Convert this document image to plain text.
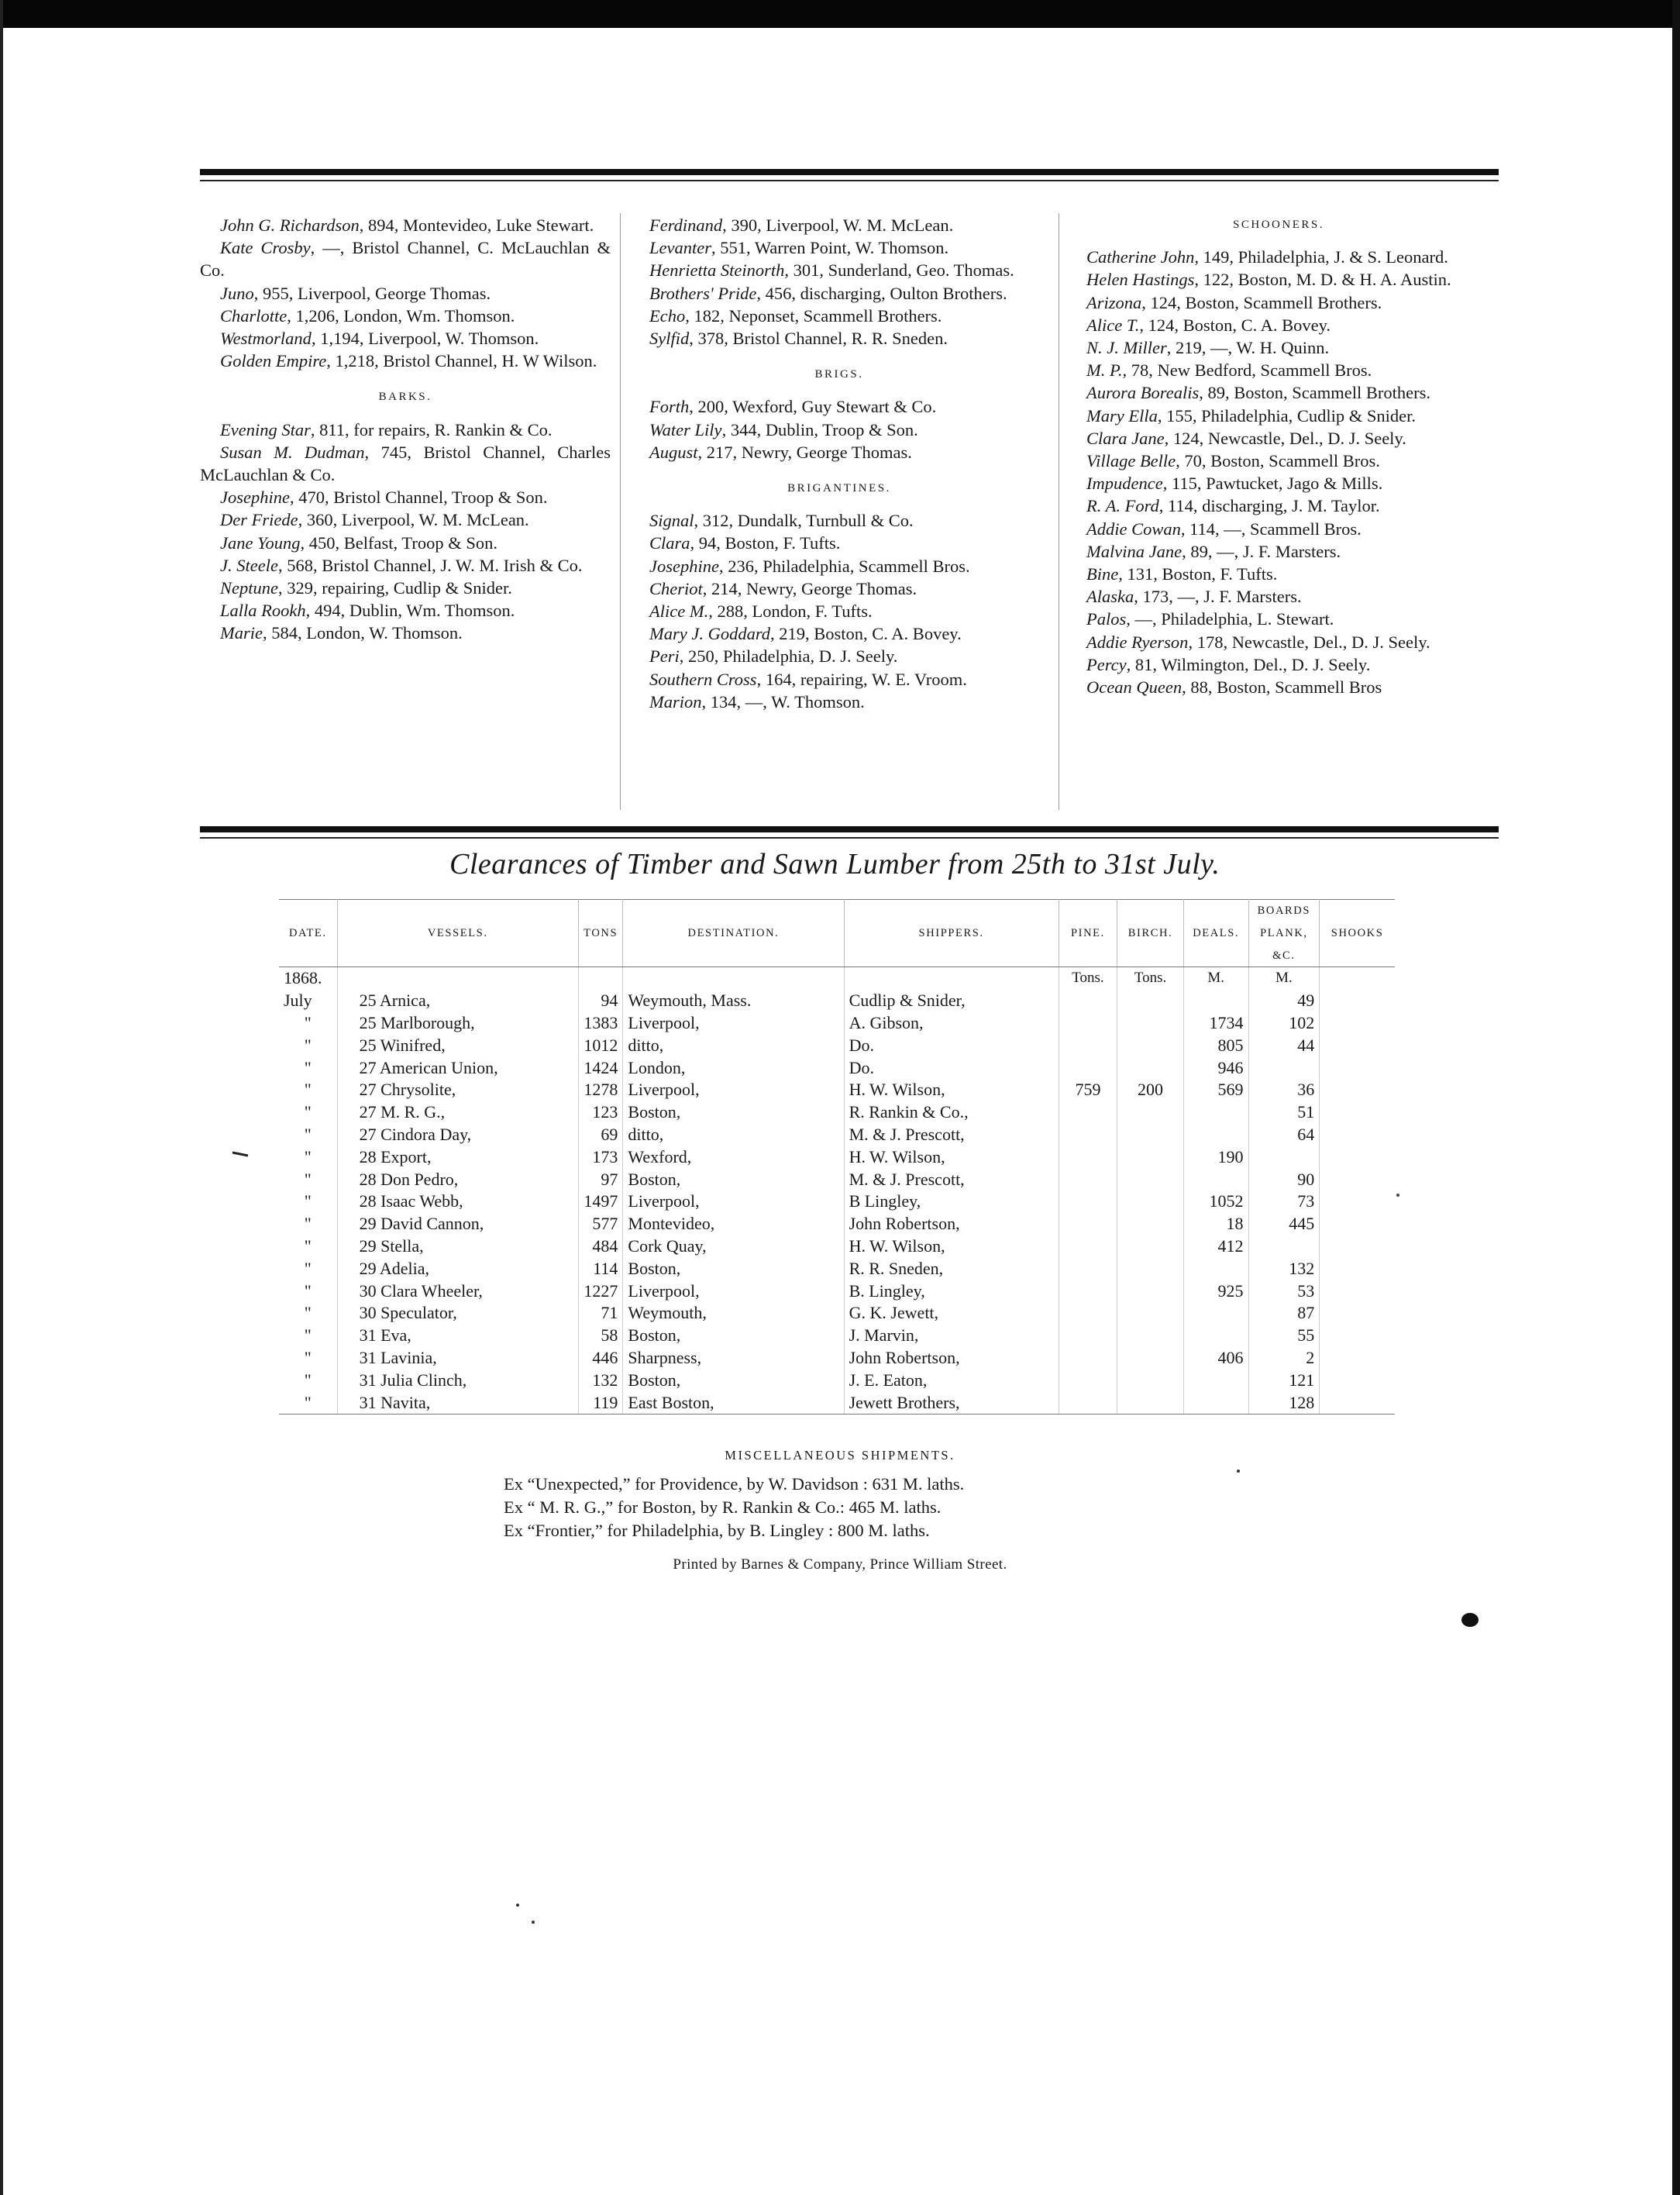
John G. Richardson, 894, Montevideo, Luke Stewart.

Kate Crosby, —, Bristol Channel, C. McLauchlan & Co.

Juno, 955, Liverpool, George Thomas.

Charlotte, 1,206, London, Wm. Thomson.

Westmorland, 1,194, Liverpool, W. Thomson.

Golden Empire, 1,218, Bristol Channel, H. W Wilson.

BARKS.

Evening Star, 811, for repairs, R. Rankin & Co.

Susan M. Dudman, 745, Bristol Channel, Charles McLauchlan & Co.

Josephine, 470, Bristol Channel, Troop & Son.

Der Friede, 360, Liverpool, W. M. McLean.

Jane Young, 450, Belfast, Troop & Son.

J. Steele, 568, Bristol Channel, J. W. M. Irish & Co.

Neptune, 329, repairing, Cudlip & Snider.

Lalla Rookh, 494, Dublin, Wm. Thomson.

Marie, 584, London, W. Thomson.

Ferdinand, 390, Liverpool, W. M. McLean.

Levanter, 551, Warren Point, W. Thomson.

Henrietta Steinorth, 301, Sunderland, Geo. Thomas.

Brothers' Pride, 456, discharging, Oulton Brothers.

Echo, 182, Neponset, Scammell Brothers.

Sylfid, 378, Bristol Channel, R. R. Sneden.

BRIGS.

Forth, 200, Wexford, Guy Stewart & Co.

Water Lily, 344, Dublin, Troop & Son.

August, 217, Newry, George Thomas.

BRIGANTINES.

Signal, 312, Dundalk, Turnbull & Co.

Clara, 94, Boston, F. Tufts.

Josephine, 236, Philadelphia, Scammell Bros.

Cheriot, 214, Newry, George Thomas.

Alice M., 288, London, F. Tufts.

Mary J. Goddard, 219, Boston, C. A. Bovey.

Peri, 250, Philadelphia, D. J. Seely.

Southern Cross, 164, repairing, W. E. Vroom.

Marion, 134, —, W. Thomson.

SCHOONERS.

Catherine John, 149, Philadelphia, J. & S. Leonard.

Helen Hastings, 122, Boston, M. D. & H. A. Austin.

Arizona, 124, Boston, Scammell Brothers.

Alice T., 124, Boston, C. A. Bovey.

N. J. Miller, 219, —, W. H. Quinn.

M. P., 78, New Bedford, Scammell Bros.

Aurora Borealis, 89, Boston, Scammell Brothers.

Mary Ella, 155, Philadelphia, Cudlip & Snider.

Clara Jane, 124, Newcastle, Del., D. J. Seely.

Village Belle, 70, Boston, Scammell Bros.

Impudence, 115, Pawtucket, Jago & Mills.

R. A. Ford, 114, discharging, J. M. Taylor.

Addie Cowan, 114, —, Scammell Bros.

Malvina Jane, 89, —, J. F. Marsters.

Bine, 131, Boston, F. Tufts.

Alaska, 173, —, J. F. Marsters.

Palos, —, Philadelphia, L. Stewart.

Addie Ryerson, 178, Newcastle, Del., D. J. Seely.

Percy, 81, Wilmington, Del., D. J. Seely.

Ocean Queen, 88, Boston, Scammell Bros

Clearances of Timber and Sawn Lumber from 25th to 31st July.
DATE.	VESSELS.	TONS	DESTINATION.	SHIPPERS.	PINE.	BIRCH.	DEALS.	BOARDS PLANK, &C.	SHOOKS
1868.					Tons.	Tons.	M.	M.	
July	25 Arnica,	94	Weymouth, Mass.	Cudlip & Snider,				49	
"	25 Marlborough,	1383	Liverpool,	A. Gibson,			1734	102	
"	25 Winifred,	1012	ditto,	Do.			805	44	
"	27 American Union,	1424	London,	Do.			946		
"	27 Chrysolite,	1278	Liverpool,	H. W. Wilson,	759	200	569	36	
"	27 M. R. G.,	123	Boston,	R. Rankin & Co.,				51	
"	27 Cindora Day,	69	ditto,	M. & J. Prescott,				64	
"	28 Export,	173	Wexford,	H. W. Wilson,			190		
"	28 Don Pedro,	97	Boston,	M. & J. Prescott,				90	
"	28 Isaac Webb,	1497	Liverpool,	B Lingley,			1052	73	
"	29 David Cannon,	577	Montevideo,	John Robertson,			18	445	
"	29 Stella,	484	Cork Quay,	H. W. Wilson,			412		
"	29 Adelia,	114	Boston,	R. R. Sneden,				132	
"	30 Clara Wheeler,	1227	Liverpool,	B. Lingley,			925	53	
"	30 Speculator,	71	Weymouth,	G. K. Jewett,				87	
"	31 Eva,	58	Boston,	J. Marvin,				55	
"	31 Lavinia,	446	Sharpness,	John Robertson,			406	2	
"	31 Julia Clinch,	132	Boston,	J. E. Eaton,				121	
"	31 Navita,	119	East Boston,	Jewett Brothers,				128	
MISCELLANEOUS SHIPMENTS.
Ex “Unexpected,” for Providence, by W. Davidson : 631 M. laths.
Ex “ M. R. G.,” for Boston, by R. Rankin & Co.: 465 M. laths.
Ex “Frontier,” for Philadelphia, by B. Lingley : 800 M. laths.
Printed by Barnes & Company, Prince William Street.
